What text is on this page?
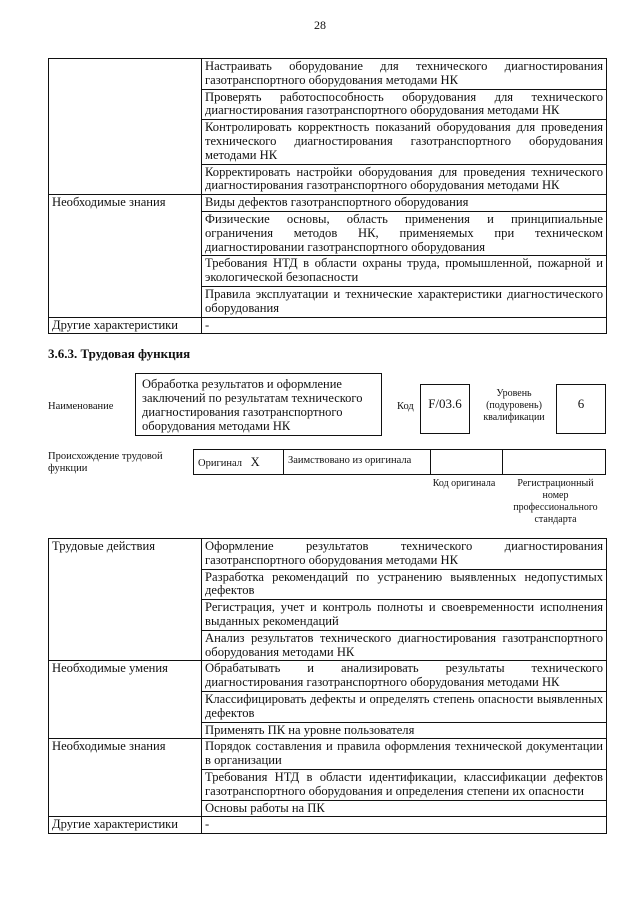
28
	Настраивать оборудование для технического диагностирования газотранспортного оборудования методами НК
	Проверять работоспособность оборудования для технического диагностирования газотранспортного оборудования методами НК
	Контролировать корректность показаний оборудования для проведения технического диагностирования газотранспортного оборудования методами НК
	Корректировать настройки оборудования для проведения технического диагностирования газотранспортного оборудования методами НК
Необходимые знания	Виды дефектов газотранспортного оборудования
	Физические основы, область применения и принципиальные ограничения методов НК, применяемых при техническом диагностировании газотранспортного оборудования
	Требования НТД в области охраны труда, промышленной, пожарной и экологической безопасности
	Правила эксплуатации и технические характеристики диагностического оборудования
Другие характеристики	-
3.6.3. Трудовая функция
Наименование
Обработка результатов и оформление заключений по результатам технического диагностирования газотранспортного оборудования методами НК
Код	F/03.6
Уровень (подуровень) квалификации
6
Происхождение трудовой функции	Оригинал X	Заимствовано из оригинала
Код оригинала	Регистрационный номер профессионального стандарта
Трудовые действия	Оформление результатов технического диагностирования газотранспортного оборудования методами НК
	Разработка рекомендаций по устранению выявленных недопустимых дефектов
	Регистрация, учет и контроль полноты и своевременности исполнения выданных рекомендаций
	Анализ результатов технического диагностирования газотранспортного оборудования методами НК
Необходимые умения	Обрабатывать и анализировать результаты технического диагностирования газотранспортного оборудования методами НК
	Классифицировать дефекты и определять степень опасности выявленных дефектов
	Применять ПК на уровне пользователя
Необходимые знания	Порядок составления и правила оформления технической документации в организации
	Требования НТД в области идентификации, классификации дефектов газотранспортного оборудования и определения степени их опасности
	Основы работы на ПК
Другие характеристики	-
